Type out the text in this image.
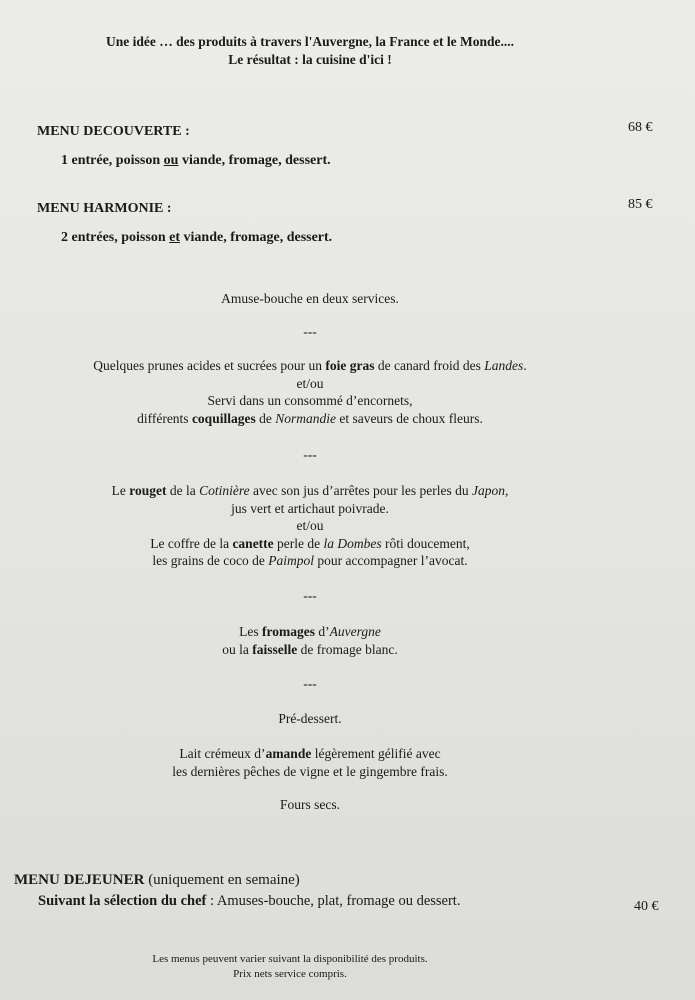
Une idée … des produits à travers l'Auvergne, la France et le Monde....
Le résultat : la cuisine d'ici !
MENU DECOUVERTE :	68 €
1 entrée, poisson ou viande, fromage, dessert.
MENU HARMONIE :	85 €
2 entrées, poisson et viande, fromage, dessert.
Amuse-bouche en deux services.
---
Quelques prunes acides et sucrées pour un foie gras de canard froid des Landes.
et/ou
Servi dans un consommé d’encornets,
différents coquillages de Normandie et saveurs de choux fleurs.
---
Le rouget de la Cotinière avec son jus d’arrêtes pour les perles du Japon,
jus vert et artichaut poivrade.
et/ou
Le coffre de la canette perle de la Dombes rôti doucement,
les grains de coco de Paimpol pour accompagner l’avocat.
---
Les fromages d’Auvergne
ou la faisselle de fromage blanc.
---
Pré-dessert.
Lait crémeux d’amande légèrement gélifié avec
les dernières pêches de vigne et le gingembre frais.
Fours secs.
MENU DEJEUNER (uniquement en semaine)
Suivant la sélection du chef : Amuses-bouche, plat, fromage ou dessert.	40 €
Les menus peuvent varier suivant la disponibilité des produits.
Prix nets service compris.
